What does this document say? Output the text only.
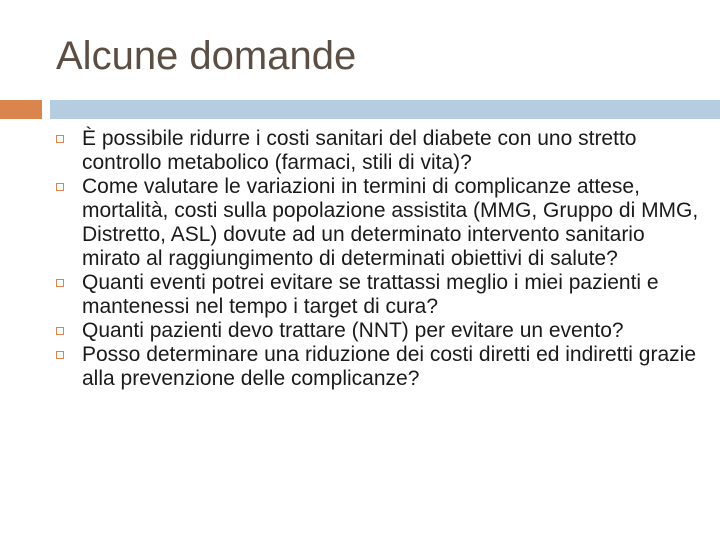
Alcune domande
È possibile ridurre i costi sanitari del diabete con uno stretto controllo metabolico (farmaci, stili di vita)?
Come valutare le variazioni in termini di complicanze attese, mortalità, costi sulla popolazione assistita (MMG, Gruppo di MMG, Distretto, ASL) dovute ad un determinato intervento sanitario mirato al raggiungimento di determinati obiettivi di salute?
Quanti eventi potrei evitare se trattassi meglio i miei pazienti e mantenessi nel tempo i target di cura?
Quanti pazienti devo trattare (NNT) per evitare un evento?
Posso determinare una riduzione dei costi diretti ed indiretti grazie alla prevenzione delle complicanze?
